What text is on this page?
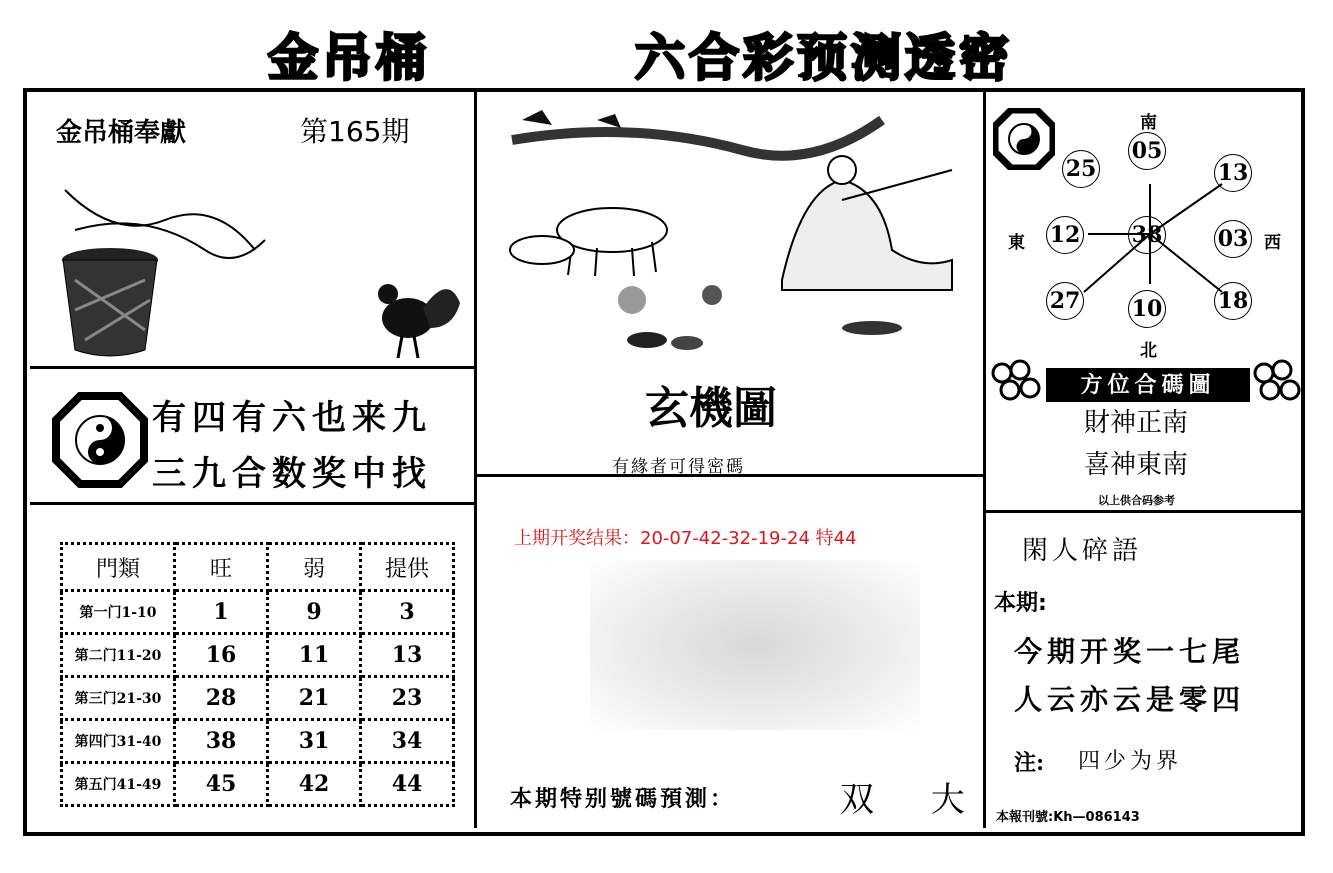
金吊桶	六合彩预测透密
金吊桶奉獻	第165期
有四有六也来九
三九合数奖中找
門類	旺	弱	提供
第一门1-10	1	9	3
第二门11-20	16	11	13
第三门21-30	28	21	23
第四门31-40	38	31	34
第五门41-49	45	42	44
玄機圖
有緣者可得密碼
上期开奖结果：20-07-42-32-19-24 特44
本期特别號碼預測：	双　 大
南
北
東	西
05
25	13
12 38	03
27 10	18
方位合碼圖
財神正南
喜神東南
以上供合码参考
閑人碎語
本期:
今期开奖一七尾
人云亦云是零四
注: 四少为界
本報刊號:Kh—086143
